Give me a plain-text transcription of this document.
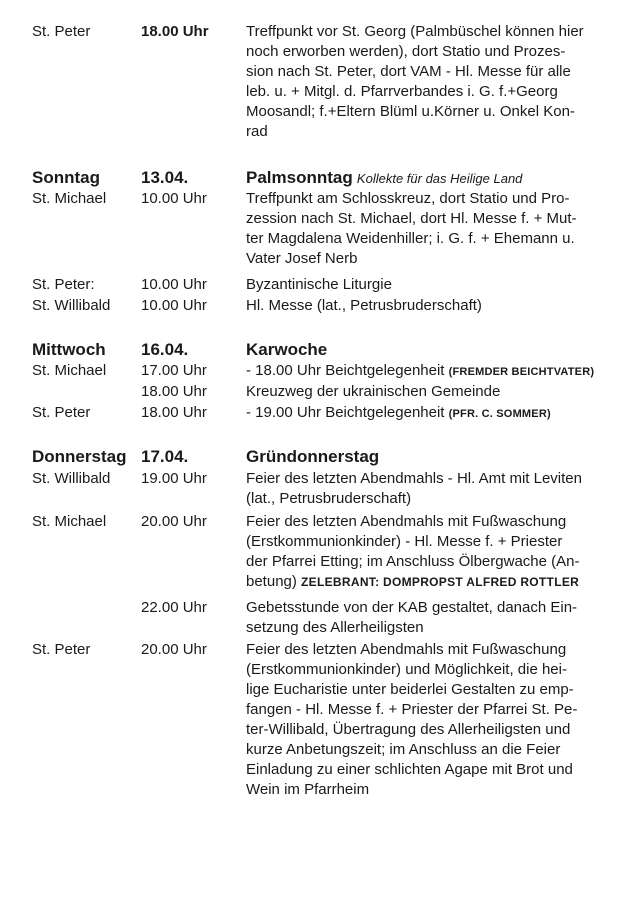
St. Peter	18.00 Uhr	Treffpunkt vor St. Georg (Palmbüschel können hier
noch erworben werden), dort Statio und Prozes-
sion nach St. Peter, dort VAM - Hl. Messe für alle
leb. u. + Mitgl. d. Pfarrverbandes i. G. f.+Georg
Moosandl; f.+Eltern Blüml u.Körner u. Onkel Kon-
rad
Sonntag	13.04.	Palmsonntag Kollekte für das Heilige Land
St. Michael	10.00 Uhr	Treffpunkt am Schlosskreuz, dort Statio und Pro-
zession nach St. Michael, dort Hl. Messe f. + Mut-
ter Magdalena Weidenhiller; i. G. f. + Ehemann u.
Vater Josef Nerb
St. Peter:	10.00 Uhr	Byzantinische Liturgie
St. Willibald	10.00 Uhr	Hl. Messe (lat., Petrusbruderschaft)
Mittwoch	16.04.	Karwoche
St. Michael	17.00 Uhr	- 18.00 Uhr Beichtgelegenheit (FREMDER BEICHTVATER)
18.00 Uhr	Kreuzweg der ukrainischen Gemeinde
St. Peter	18.00 Uhr	- 19.00 Uhr Beichtgelegenheit (PFR. C. SOMMER)
Donnerstag 17.04.	Gründonnerstag
St. Willibald	19.00 Uhr	Feier des letzten Abendmahls - Hl. Amt mit Leviten
(lat., Petrusbruderschaft)
St. Michael	20.00 Uhr	Feier des letzten Abendmahls mit Fußwaschung
(Erstkommunionkinder) - Hl. Messe f. + Priester
der Pfarrei Etting; im Anschluss Ölbergwache (An-
betung) ZELEBRANT: DOMPROPST ALFRED ROTTLER
22.00 Uhr	Gebetsstunde von der KAB gestaltet, danach Ein-
setzung des Allerheiligsten
St. Peter	20.00 Uhr	Feier des letzten Abendmahls mit Fußwaschung
(Erstkommunionkinder) und Möglichkeit, die hei-
lige Eucharistie unter beiderlei Gestalten zu emp-
fangen - Hl. Messe f. + Priester der Pfarrei St. Pe-
ter-Willibald, Übertragung des Allerheiligsten und
kurze Anbetungszeit; im Anschluss an die Feier
Einladung zu einer schlichten Agape mit Brot und
Wein im Pfarrheim
